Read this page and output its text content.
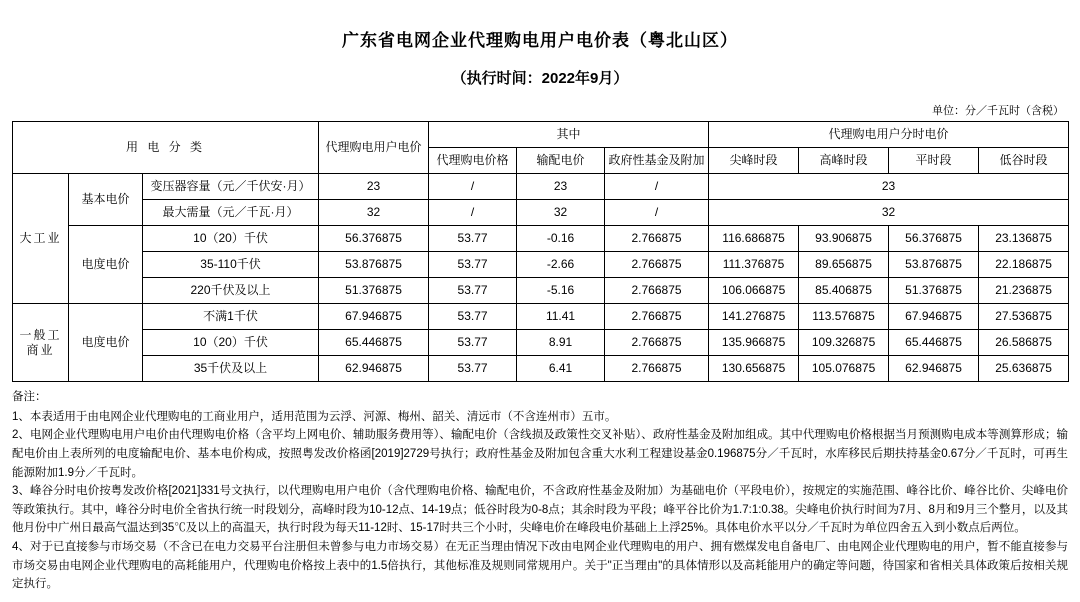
广东省电网企业代理购电用户电价表（粤北山区）
（执行时间：2022年9月）
单位：分／千瓦时（含税）
用 电 分 类			代理购电用户电价	其中			代理购电用户分时电价			
				代理购电价格	输配电价	政府性基金及附加	尖峰时段	高峰时段	平时段	低谷时段
大工业	基本电价	变压器容量（元／千伏安·月）	23	/	23	/	23			
		最大需量（元／千瓦·月）	32	/	32	/	32			
	电度电价	10（20）千伏	56.376875	53.77	-0.16	2.766875	116.686875	93.906875	56.376875	23.136875
		35-110千伏	53.876875	53.77	-2.66	2.766875	111.376875	89.656875	53.876875	22.186875
		220千伏及以上	51.376875	53.77	-5.16	2.766875	106.066875	85.406875	51.376875	21.236875
一般工商业	电度电价	不满1千伏	67.946875	53.77	11.41	2.766875	141.276875	113.576875	67.946875	27.536875
		10（20）千伏	65.446875	53.77	8.91	2.766875	135.966875	109.326875	65.446875	26.586875
		35千伏及以上	62.946875	53.77	6.41	2.766875	130.656875	105.076875	62.946875	25.636875

备注：

1、本表适用于由电网企业代理购电的工商业用户，适用范围为云浮、河源、梅州、韶关、清远市（不含连州市）五市。

2、电网企业代理购电用户电价由代理购电价格（含平均上网电价、辅助服务费用等）、输配电价（含线损及政策性交叉补贴）、政府性基金及附加组成。其中代理购电价格根据当月预测购电成本等测算形成；输配电价由上表所列的电度输配电价、基本电价构成，按照粤发改价格函[2019]2729号执行；政府性基金及附加包含重大水利工程建设基金0.196875分／千瓦时，水库移民后期扶持基金0.67分／千瓦时，可再生能源附加1.9分／千瓦时。

3、峰谷分时电价按粤发改价格[2021]331号文执行，以代理购电用户电价（含代理购电价格、输配电价，不含政府性基金及附加）为基础电价（平段电价），按规定的实施范围、峰谷比价、峰谷比价、尖峰电价等政策执行。其中，峰谷分时电价全省执行统一时段划分，高峰时段为10-12点、14-19点；低谷时段为0-8点；其余时段为平段；峰平谷比价为1.7:1:0.38。尖峰电价执行时间为7月、8月和9月三个整月，以及其他月份中广州日最高气温达到35℃及以上的高温天，执行时段为每天11-12时、15-17时共三个小时，尖峰电价在峰段电价基础上上浮25%。具体电价水平以分／千瓦时为单位四舍五入到小数点后两位。

4、对于已直接参与市场交易（不含已在电力交易平台注册但未曾参与电力市场交易）在无正当理由情况下改由电网企业代理购电的用户、拥有燃煤发电自备电厂、由电网企业代理购电的用户，暂不能直接参与市场交易由电网企业代理购电的高耗能用户，代理购电价格按上表中的1.5倍执行，其他标准及规则同常规用户。关于"正当理由"的具体情形以及高耗能用户的确定等问题，待国家和省相关具体政策后按相关规定执行。
